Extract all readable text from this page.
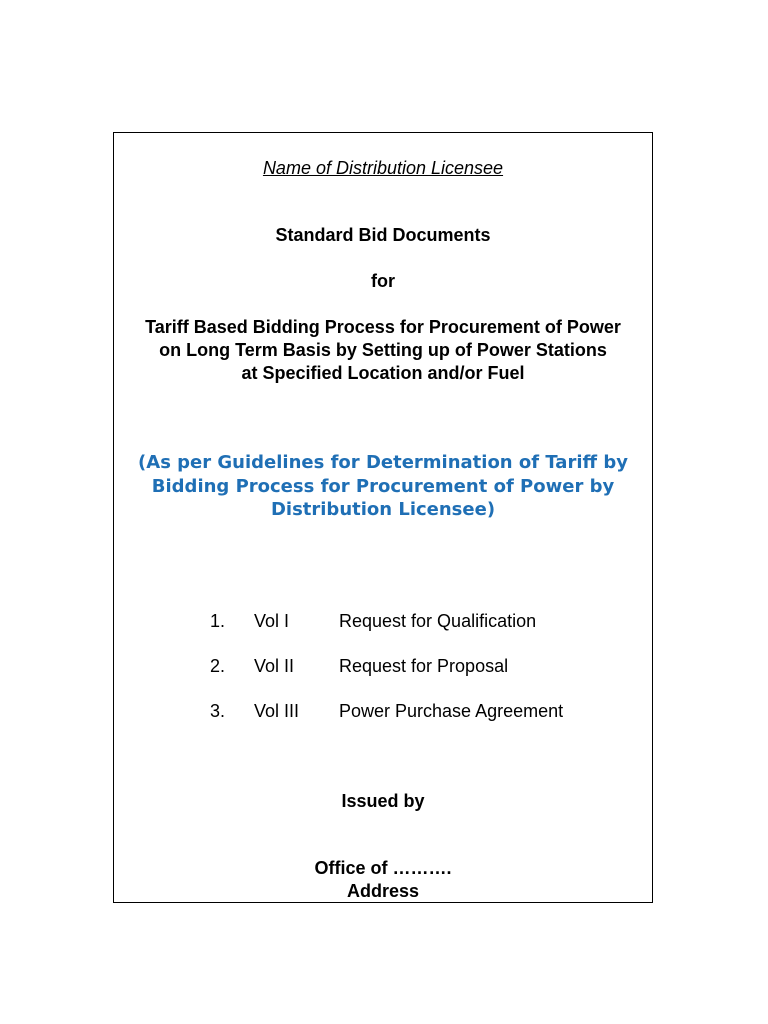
Name of Distribution Licensee
Standard Bid Documents
for
Tariff Based Bidding Process for Procurement of Power
on Long Term Basis by Setting up of Power Stations
at Specified Location and/or Fuel
(As per Guidelines for Determination of Tariff by
Bidding Process for Procurement of Power by
Distribution Licensee)
1. Vol I	Request for Qualification
2. Vol II Request for Proposal
3. Vol III Power Purchase Agreement
Issued by
Office of ……….
Address
